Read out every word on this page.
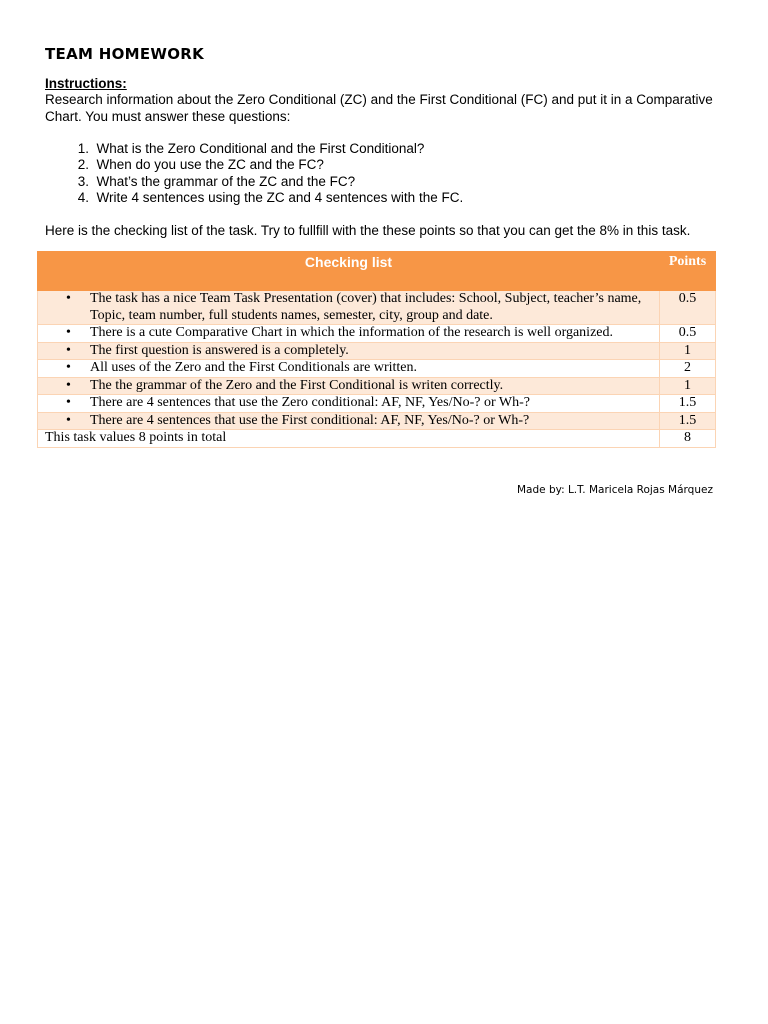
TEAM HOMEWORK
Instructions:
Research information about the Zero Conditional (ZC) and the First Conditional (FC) and put it in a Comparative Chart. You must answer these questions:
1.
What is the Zero Conditional and the First Conditional?
2.
When do you use the ZC and the FC?
3.
What’s the grammar of the ZC and the FC?
4.
Write 4 sentences using the ZC and 4 sentences with the FC.
Here is the checking list of the task. Try to fullfill with the these points so that you can get the 8% in this task.
Checking list	Points

• The task has a nice Team Task Presentation (cover) that includes: School, Subject, teacher’s name, Topic, team number, full students names, semester, city, group and date.	0.5

• There is a cute Comparative Chart in which the information of the research is well organized.	0.5

• The first question is answered is a completely.	1

• All uses of the Zero and the First Conditionals are written.	2

• The the grammar of the Zero and the First Conditional is writen correctly.	1

• There are 4 sentences that use the Zero conditional: AF, NF, Yes/No-? or Wh-?	1.5

• There are 4 sentences that use the First conditional: AF, NF, Yes/No-? or Wh-?	1.5
This task values 8 points in total	8
Made by: L.T. Maricela Rojas Márquez
